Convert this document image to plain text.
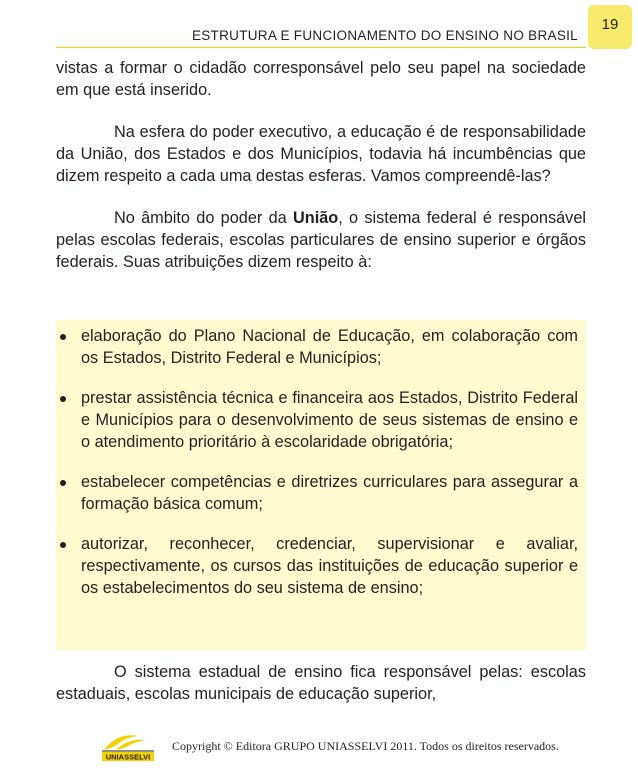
ESTRUTURA E FUNCIONAMENTO DO ENSINO NO BRASIL
19

vistas a formar o cidadão corresponsável pelo seu papel na sociedade em que está inserido.

Na esfera do poder executivo, a educação é de responsabilidade da União, dos Estados e dos Municípios, todavia há incumbências que dizem respeito a cada uma destas esferas. Vamos compreendê-las?

No âmbito do poder da União, o sistema federal é responsável pelas escolas federais, escolas particulares de ensino superior e órgãos federais. Suas atribuições dizem respeito à:

elaboração do Plano Nacional de Educação, em colaboração com os Estados, Distrito Federal e Municípios;
prestar assistência técnica e financeira aos Estados, Distrito Federal e Municípios para o desenvolvimento de seus sistemas de ensino e o atendimento prioritário à escolaridade obrigatória;
estabelecer competências e diretrizes curriculares para assegurar a formação básica comum;
autorizar, reconhecer, credenciar, supervisionar e avaliar, respectivamente, os cursos das instituições de educação superior e os estabelecimentos do seu sistema de ensino;

O sistema estadual de ensino fica responsável pelas: escolas estaduais, escolas municipais de educação superior,

UNIASSELVI
Copyright © Editora GRUPO UNIASSELVI 2011. Todos os direitos reservados.
